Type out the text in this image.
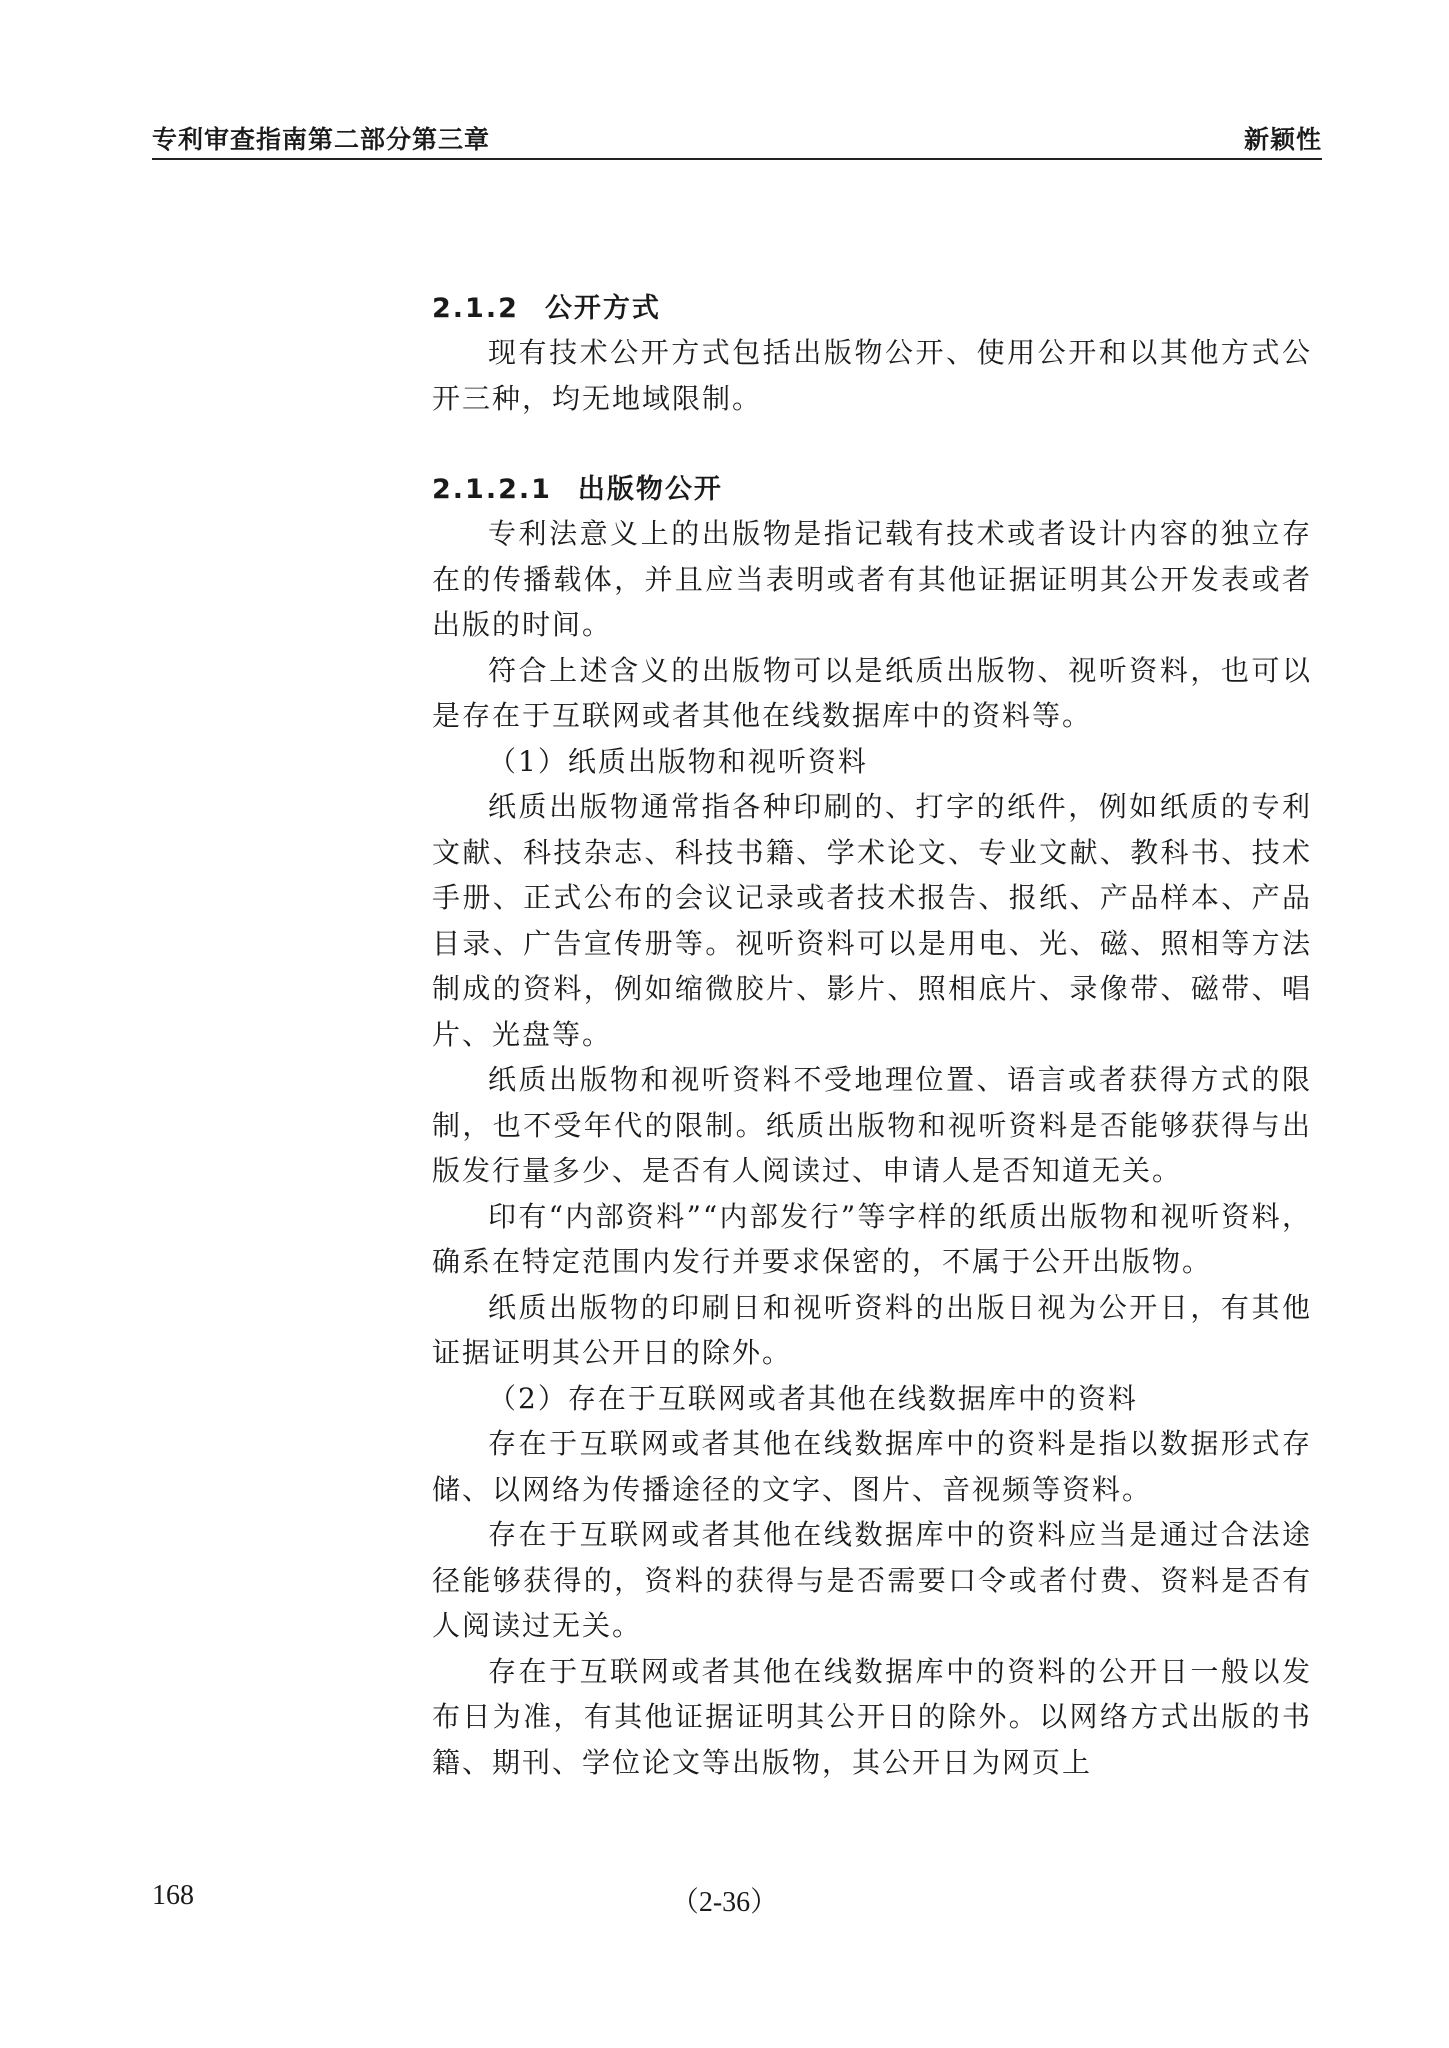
专利审查指南第二部分第三章	新颖性
2.1.2 公开方式

现有技术公开方式包括出版物公开、使用公开和以其他方式公开三种，均无地域限制。

2.1.2.1 出版物公开

专利法意义上的出版物是指记载有技术或者设计内容的独立存在的传播载体，并且应当表明或者有其他证据证明其公开发表或者出版的时间。

符合上述含义的出版物可以是纸质出版物、视听资料，也可以是存在于互联网或者其他在线数据库中的资料等。

（1）纸质出版物和视听资料

纸质出版物通常指各种印刷的、打字的纸件，例如纸质的专利文献、科技杂志、科技书籍、学术论文、专业文献、教科书、技术手册、正式公布的会议记录或者技术报告、报纸、产品样本、产品目录、广告宣传册等。视听资料可以是用电、光、磁、照相等方法制成的资料，例如缩微胶片、影片、照相底片、录像带、磁带、唱片、光盘等。

纸质出版物和视听资料不受地理位置、语言或者获得方式的限制，也不受年代的限制。纸质出版物和视听资料是否能够获得与出版发行量多少、是否有人阅读过、申请人是否知道无关。

印有“内部资料”“内部发行”等字样的纸质出版物和视听资料，确系在特定范围内发行并要求保密的，不属于公开出版物。

纸质出版物的印刷日和视听资料的出版日视为公开日，有其他证据证明其公开日的除外。

（2）存在于互联网或者其他在线数据库中的资料

存在于互联网或者其他在线数据库中的资料是指以数据形式存储、以网络为传播途径的文字、图片、音视频等资料。

存在于互联网或者其他在线数据库中的资料应当是通过合法途径能够获得的，资料的获得与是否需要口令或者付费、资料是否有人阅读过无关。

存在于互联网或者其他在线数据库中的资料的公开日一般以发布日为准，有其他证据证明其公开日的除外。以网络方式出版的书籍、期刊、学位论文等出版物，其公开日为网页上

168	（2-36）
